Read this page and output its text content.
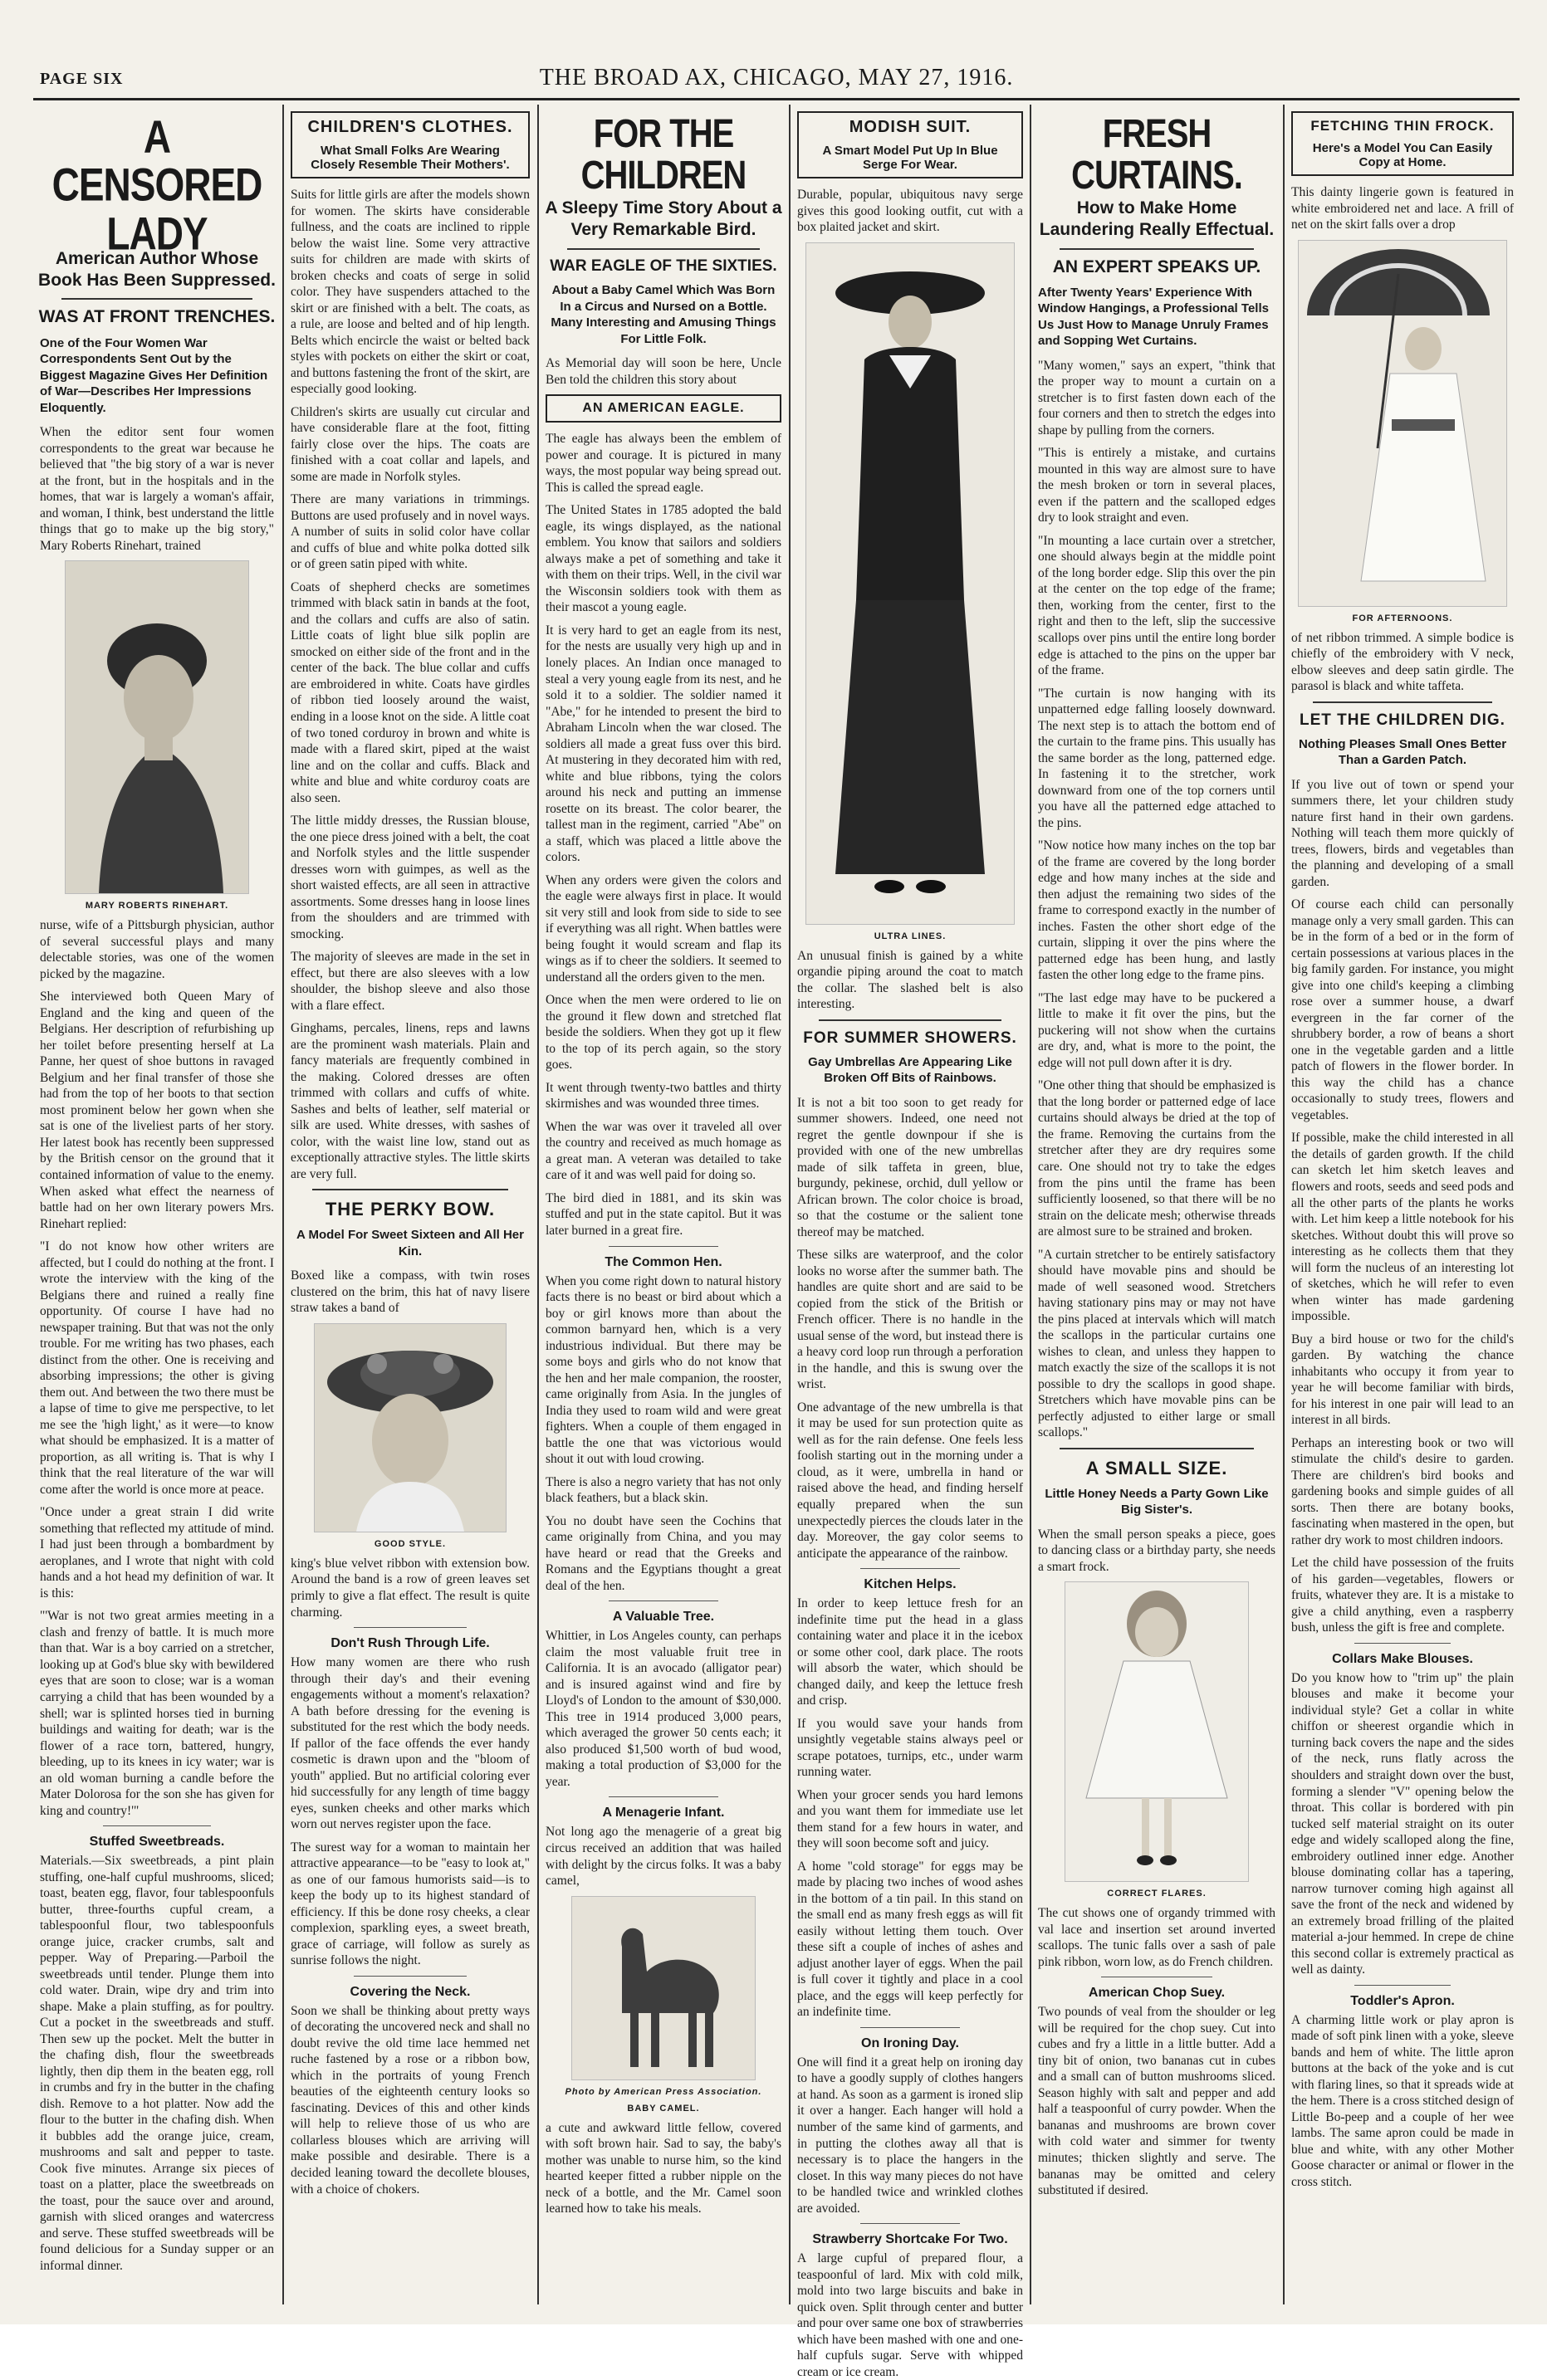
PAGE SIX	THE BROAD AX, CHICAGO, MAY 27, 1916.
A CENSORED LADY
American Author Whose Book Has Been Suppressed.
WAS AT FRONT TRENCHES.
One of the Four Women War Correspondents Sent Out by the Biggest Magazine Gives Her Definition of War—Describes Her Impressions Eloquently.

When the editor sent four women correspondents to the great war because he believed that "the big story of a war is never at the front, but in the hospitals and in the homes, that war is largely a woman's affair, and woman, I think, best understand the little things that go to make up the big story," Mary Roberts Rinehart, trained

MARY ROBERTS RINEHART.

nurse, wife of a Pittsburgh physician, author of several successful plays and many delectable stories, was one of the women picked by the magazine.

She interviewed both Queen Mary of England and the king and queen of the Belgians. Her description of refurbishing up her toilet before presenting herself at La Panne, her quest of shoe buttons in ravaged Belgium and her final transfer of those she had from the top of her boots to that section most prominent below her gown when she sat is one of the liveliest parts of her story. Her latest book has recently been suppressed by the British censor on the ground that it contained information of value to the enemy. When asked what effect the nearness of battle had on her own literary powers Mrs. Rinehart replied:

"I do not know how other writers are affected, but I could do nothing at the front. I wrote the interview with the king of the Belgians there and ruined a really fine opportunity. Of course I have had no newspaper training. But that was not the only trouble. For me writing has two phases, each distinct from the other. One is receiving and absorbing impressions; the other is giving them out. And between the two there must be a lapse of time to give me perspective, to let me see the 'high light,' as it were—to know what should be emphasized. It is a matter of proportion, as all writing is. That is why I think that the real literature of the war will come after the world is once more at peace.

"Once under a great strain I did write something that reflected my attitude of mind. I had just been through a bombardment by aeroplanes, and I wrote that night with cold hands and a hot head my definition of war. It is this:

"'War is not two great armies meeting in a clash and frenzy of battle. It is much more than that. War is a boy carried on a stretcher, looking up at God's blue sky with bewildered eyes that are soon to close; war is a woman carrying a child that has been wounded by a shell; war is splinted horses tied in burning buildings and waiting for death; war is the flower of a race torn, battered, hungry, bleeding, up to its knees in icy water; war is an old woman burning a candle before the Mater Dolorosa for the son she has given for king and country!'"

Stuffed Sweetbreads.

Materials.—Six sweetbreads, a pint plain stuffing, one-half cupful mushrooms, sliced; toast, beaten egg, flavor, four tablespoonfuls butter, three-fourths cupful cream, a tablespoonful flour, two tablespoonfuls orange juice, cracker crumbs, salt and pepper. Way of Preparing.—Parboil the sweetbreads until tender. Plunge them into cold water. Drain, wipe dry and trim into shape. Make a plain stuffing, as for poultry. Cut a pocket in the sweetbreads and stuff. Then sew up the pocket. Melt the butter in the chafing dish, flour the sweetbreads lightly, then dip them in the beaten egg, roll in crumbs and fry in the butter in the chafing dish. Remove to a hot platter. Now add the flour to the butter in the chafing dish. When it bubbles add the orange juice, cream, mushrooms and salt and pepper to taste. Cook five minutes. Arrange six pieces of toast on a platter, place the sweetbreads on the toast, pour the sauce over and around, garnish with sliced oranges and watercress and serve. These stuffed sweetbreads will be found delicious for a Sunday supper or an informal dinner.

CHILDREN'S CLOTHES.
What Small Folks Are Wearing Closely Resemble Their Mothers'.

Suits for little girls are after the models shown for women. The skirts have considerable fullness, and the coats are inclined to ripple below the waist line. Some very attractive suits for children are made with skirts of broken checks and coats of serge in solid color. They have suspenders attached to the skirt or are finished with a belt. The coats, as a rule, are loose and belted and of hip length. Belts which encircle the waist or belted back styles with pockets on either the skirt or coat, and buttons fastening the front of the skirt, are especially good looking.

Children's skirts are usually cut circular and have considerable flare at the foot, fitting fairly close over the hips. The coats are finished with a coat collar and lapels, and some are made in Norfolk styles.

There are many variations in trimmings. Buttons are used profusely and in novel ways. A number of suits in solid color have collar and cuffs of blue and white polka dotted silk or of green satin piped with white.

Coats of shepherd checks are sometimes trimmed with black satin in bands at the foot, and the collars and cuffs are also of satin. Little coats of light blue silk poplin are smocked on either side of the front and in the center of the back. The blue collar and cuffs are embroidered in white. Coats have girdles of ribbon tied loosely around the waist, ending in a loose knot on the side. A little coat of two toned corduroy in brown and white is made with a flared skirt, piped at the waist line and on the collar and cuffs. Black and white and blue and white corduroy coats are also seen.

The little middy dresses, the Russian blouse, the one piece dress joined with a belt, the coat and Norfolk styles and the little suspender dresses worn with guimpes, as well as the short waisted effects, are all seen in attractive assortments. Some dresses hang in loose lines from the shoulders and are trimmed with smocking.

The majority of sleeves are made in the set in effect, but there are also sleeves with a low shoulder, the bishop sleeve and also those with a flare effect.

Ginghams, percales, linens, reps and lawns are the prominent wash materials. Plain and fancy materials are frequently combined in the making. Colored dresses are often trimmed with collars and cuffs of white. Sashes and belts of leather, self material or silk are used. White dresses, with sashes of color, with the waist line low, stand out as exceptionally attractive styles. The little skirts are very full.

THE PERKY BOW.
A Model For Sweet Sixteen and All Her Kin.

Boxed like a compass, with twin roses clustered on the brim, this hat of navy lisere straw takes a band of

GOOD STYLE.

king's blue velvet ribbon with extension bow. Around the band is a row of green leaves set primly to give a flat effect. The result is quite charming.

Don't Rush Through Life.

How many women are there who rush through their day's and their evening engagements without a moment's relaxation? A bath before dressing for the evening is substituted for the rest which the body needs. If pallor of the face offends the ever handy cosmetic is drawn upon and the "bloom of youth" applied. But no artificial coloring ever hid successfully for any length of time baggy eyes, sunken cheeks and other marks which worn out nerves register upon the face.

The surest way for a woman to maintain her attractive appearance—to be "easy to look at," as one of our famous humorists said—is to keep the body up to its highest standard of efficiency. If this be done rosy cheeks, a clear complexion, sparkling eyes, a sweet breath, grace of carriage, will follow as surely as sunrise follows the night.

Covering the Neck.

Soon we shall be thinking about pretty ways of decorating the uncovered neck and shall no doubt revive the old time lace hemmed net ruche fastened by a rose or a ribbon bow, which in the portraits of young French beauties of the eighteenth century looks so fascinating. Devices of this and other kinds will help to relieve those of us who are collarless blouses which are arriving will make possible and desirable. There is a decided leaning toward the decollete blouses, with a choice of chokers.

FOR THE CHILDREN
A Sleepy Time Story About a Very Remarkable Bird.
WAR EAGLE OF THE SIXTIES.
About a Baby Camel Which Was Born In a Circus and Nursed on a Bottle. Many Interesting and Amusing Things For Little Folk.

As Memorial day will soon be here, Uncle Ben told the children this story about

AN AMERICAN EAGLE.

The eagle has always been the emblem of power and courage. It is pictured in many ways, the most popular way being spread out. This is called the spread eagle.

The United States in 1785 adopted the bald eagle, its wings displayed, as the national emblem. You know that sailors and soldiers always make a pet of something and take it with them on their trips. Well, in the civil war the Wisconsin soldiers took with them as their mascot a young eagle.

It is very hard to get an eagle from its nest, for the nests are usually very high up and in lonely places. An Indian once managed to steal a very young eagle from its nest, and he sold it to a soldier. The soldier named it "Abe," for he intended to present the bird to Abraham Lincoln when the war closed. The soldiers all made a great fuss over this bird. At mustering in they decorated him with red, white and blue ribbons, tying the colors around his neck and putting an immense rosette on its breast. The color bearer, the tallest man in the regiment, carried "Abe" on a staff, which was placed a little above the colors.

When any orders were given the colors and the eagle were always first in place. It would sit very still and look from side to side to see if everything was all right. When battles were being fought it would scream and flap its wings as if to cheer the soldiers. It seemed to understand all the orders given to the men.

Once when the men were ordered to lie on the ground it flew down and stretched flat beside the soldiers. When they got up it flew to the top of its perch again, so the story goes.

It went through twenty-two battles and thirty skirmishes and was wounded three times.

When the war was over it traveled all over the country and received as much homage as a great man. A veteran was detailed to take care of it and was well paid for doing so.

The bird died in 1881, and its skin was stuffed and put in the state capitol. But it was later burned in a great fire.

The Common Hen.

When you come right down to natural history facts there is no beast or bird about which a boy or girl knows more than about the common barnyard hen, which is a very industrious individual. But there may be some boys and girls who do not know that the hen and her male companion, the rooster, came originally from Asia. In the jungles of India they used to roam wild and were great fighters. When a couple of them engaged in battle the one that was victorious would shout it out with loud crowing.

There is also a negro variety that has not only black feathers, but a black skin.

You no doubt have seen the Cochins that came originally from China, and you may have heard or read that the Greeks and Romans and the Egyptians thought a great deal of the hen.

A Valuable Tree.

Whittier, in Los Angeles county, can perhaps claim the most valuable fruit tree in California. It is an avocado (alligator pear) and is insured against wind and fire by Lloyd's of London to the amount of $30,000. This tree in 1914 produced 3,000 pears, which averaged the grower 50 cents each; it also produced $1,500 worth of bud wood, making a total production of $3,000 for the year.

A Menagerie Infant.

Not long ago the menagerie of a great big circus received an addition that was hailed with delight by the circus folks. It was a baby camel,

Photo by American Press Association.
BABY CAMEL.

a cute and awkward little fellow, covered with soft brown hair. Sad to say, the baby's mother was unable to nurse him, so the kind hearted keeper fitted a rubber nipple on the neck of a bottle, and the Mr. Camel soon learned how to take his meals.

MODISH SUIT.
A Smart Model Put Up In Blue Serge For Wear.

Durable, popular, ubiquitous navy serge gives this good looking outfit, cut with a box plaited jacket and skirt.

ULTRA LINES.

An unusual finish is gained by a white organdie piping around the coat to match the collar. The slashed belt is also interesting.

FOR SUMMER SHOWERS.
Gay Umbrellas Are Appearing Like Broken Off Bits of Rainbows.

It is not a bit too soon to get ready for summer showers. Indeed, one need not regret the gentle downpour if she is provided with one of the new umbrellas made of silk taffeta in green, blue, burgundy, pekinese, orchid, dull yellow or African brown. The color choice is broad, so that the costume or the salient tone thereof may be matched.

These silks are waterproof, and the color looks no worse after the summer bath. The handles are quite short and are said to be copied from the stick of the British or French officer. There is no handle in the usual sense of the word, but instead there is a heavy cord loop run through a perforation in the handle, and this is swung over the wrist.

One advantage of the new umbrella is that it may be used for sun protection quite as well as for the rain defense. One feels less foolish starting out in the morning under a cloud, as it were, umbrella in hand or raised above the head, and finding herself equally prepared when the sun unexpectedly pierces the clouds later in the day. Moreover, the gay color seems to anticipate the appearance of the rainbow.

Kitchen Helps.

In order to keep lettuce fresh for an indefinite time put the head in a glass containing water and place it in the icebox or some other cool, dark place. The roots will absorb the water, which should be changed daily, and keep the lettuce fresh and crisp.

If you would save your hands from unsightly vegetable stains always peel or scrape potatoes, turnips, etc., under warm running water.

When your grocer sends you hard lemons and you want them for immediate use let them stand for a few hours in water, and they will soon become soft and juicy.

A home "cold storage" for eggs may be made by placing two inches of wood ashes in the bottom of a tin pail. In this stand on the small end as many fresh eggs as will fit easily without letting them touch. Over these sift a couple of inches of ashes and adjust another layer of eggs. When the pail is full cover it tightly and place in a cool place, and the eggs will keep perfectly for an indefinite time.

On Ironing Day.

One will find it a great help on ironing day to have a goodly supply of clothes hangers at hand. As soon as a garment is ironed slip it over a hanger. Each hanger will hold a number of the same kind of garments, and in putting the clothes away all that is necessary is to place the hangers in the closet. In this way many pieces do not have to be handled twice and wrinkled clothes are avoided.

Strawberry Shortcake For Two.

A large cupful of prepared flour, a teaspoonful of lard. Mix with cold milk, mold into two large biscuits and bake in quick oven. Split through center and butter and pour over same one box of strawberries which have been mashed with one and one-half cupfuls sugar. Serve with whipped cream or ice cream.

FRESH CURTAINS.
How to Make Home Laundering Really Effectual.
AN EXPERT SPEAKS UP.
After Twenty Years' Experience With Window Hangings, a Professional Tells Us Just How to Manage Unruly Frames and Sopping Wet Curtains.

"Many women," says an expert, "think that the proper way to mount a curtain on a stretcher is to first fasten down each of the four corners and then to stretch the edges into shape by pulling from the corners.

"This is entirely a mistake, and curtains mounted in this way are almost sure to have the mesh broken or torn in several places, even if the pattern and the scalloped edges dry to look straight and even.

"In mounting a lace curtain over a stretcher, one should always begin at the middle point of the long border edge. Slip this over the pin at the center on the top edge of the frame; then, working from the center, first to the right and then to the left, slip the successive scallops over pins until the entire long border edge is attached to the pins on the upper bar of the frame.

"The curtain is now hanging with its unpatterned edge falling loosely downward. The next step is to attach the bottom end of the curtain to the frame pins. This usually has the same border as the long, patterned edge. In fastening it to the stretcher, work downward from one of the top corners until you have all the patterned edge attached to the pins.

"Now notice how many inches on the top bar of the frame are covered by the long border edge and how many inches at the side and then adjust the remaining two sides of the frame to correspond exactly in the number of inches. Fasten the other short edge of the curtain, slipping it over the pins where the patterned edge has been hung, and lastly fasten the other long edge to the frame pins.

"The last edge may have to be puckered a little to make it fit over the pins, but the puckering will not show when the curtains are dry, and, what is more to the point, the edge will not pull down after it is dry.

"One other thing that should be emphasized is that the long border or patterned edge of lace curtains should always be dried at the top of the frame. Removing the curtains from the stretcher after they are dry requires some care. One should not try to take the edges from the pins until the frame has been sufficiently loosened, so that there will be no strain on the delicate mesh; otherwise threads are almost sure to be strained and broken.

"A curtain stretcher to be entirely satisfactory should have movable pins and should be made of well seasoned wood. Stretchers having stationary pins may or may not have the pins placed at intervals which will match the scallops in the particular curtains one wishes to clean, and unless they happen to match exactly the size of the scallops it is not possible to dry the scallops in good shape. Stretchers which have movable pins can be perfectly adjusted to either large or small scallops."

A SMALL SIZE.
Little Honey Needs a Party Gown Like Big Sister's.

When the small person speaks a piece, goes to dancing class or a birthday party, she needs a smart frock.

CORRECT FLARES.

The cut shows one of organdy trimmed with val lace and insertion set around inverted scallops. The tunic falls over a sash of pale pink ribbon, worn low, as do French children.

American Chop Suey.

Two pounds of veal from the shoulder or leg will be required for the chop suey. Cut into cubes and fry a little in a little butter. Add a tiny bit of onion, two bananas cut in cubes and a small can of button mushrooms sliced. Season highly with salt and pepper and add half a teaspoonful of curry powder. When the bananas and mushrooms are brown cover with cold water and simmer for twenty minutes; thicken slightly and serve. The bananas may be omitted and celery substituted if desired.

FETCHING THIN FROCK.
Here's a Model You Can Easily Copy at Home.

This dainty lingerie gown is featured in white embroidered net and lace. A frill of net on the skirt falls over a drop

FOR AFTERNOONS.

of net ribbon trimmed. A simple bodice is chiefly of the embroidery with V neck, elbow sleeves and deep satin girdle. The parasol is black and white taffeta.

LET THE CHILDREN DIG.
Nothing Pleases Small Ones Better Than a Garden Patch.

If you live out of town or spend your summers there, let your children study nature first hand in their own gardens. Nothing will teach them more quickly of trees, flowers, birds and vegetables than the planning and developing of a small garden.

Of course each child can personally manage only a very small garden. This can be in the form of a bed or in the form of certain possessions at various places in the big family garden. For instance, you might give into one child's keeping a climbing rose over a summer house, a dwarf evergreen in the far corner of the shrubbery border, a row of beans a short one in the vegetable garden and a little patch of flowers in the flower border. In this way the child has a chance occasionally to study trees, flowers and vegetables.

If possible, make the child interested in all the details of garden growth. If the child can sketch let him sketch leaves and flowers and roots, seeds and seed pods and all the other parts of the plants he works with. Let him keep a little notebook for his sketches. Without doubt this will prove so interesting as he collects them that they will form the nucleus of an interesting lot of sketches, which he will refer to even when winter has made gardening impossible.

Buy a bird house or two for the child's garden. By watching the chance inhabitants who occupy it from year to year he will become familiar with birds, for his interest in one pair will lead to an interest in all birds.

Perhaps an interesting book or two will stimulate the child's desire to garden. There are children's bird books and gardening books and simple guides of all sorts. Then there are botany books, fascinating when mastered in the open, but rather dry work to most children indoors.

Let the child have possession of the fruits of his garden—vegetables, flowers or fruits, whatever they are. It is a mistake to give a child anything, even a raspberry bush, unless the gift is free and complete.

Collars Make Blouses.

Do you know how to "trim up" the plain blouses and make it become your individual style? Get a collar in white chiffon or sheerest organdie which in turning back covers the nape and the sides of the neck, runs flatly across the shoulders and straight down over the bust, forming a slender "V" opening below the throat. This collar is bordered with pin tucked self material straight on its outer edge and widely scalloped along the fine, embroidery outlined inner edge. Another blouse dominating collar has a tapering, narrow turnover coming high against all save the front of the neck and widened by an extremely broad frilling of the plaited material a-jour hemmed. In crepe de chine this second collar is extremely practical as well as dainty.

Toddler's Apron.

A charming little work or play apron is made of soft pink linen with a yoke, sleeve bands and hem of white. The little apron buttons at the back of the yoke and is cut with flaring lines, so that it spreads wide at the hem. There is a cross stitched design of Little Bo-peep and a couple of her wee lambs. The same apron could be made in blue and white, with any other Mother Goose character or animal or flower in the cross stitch.
